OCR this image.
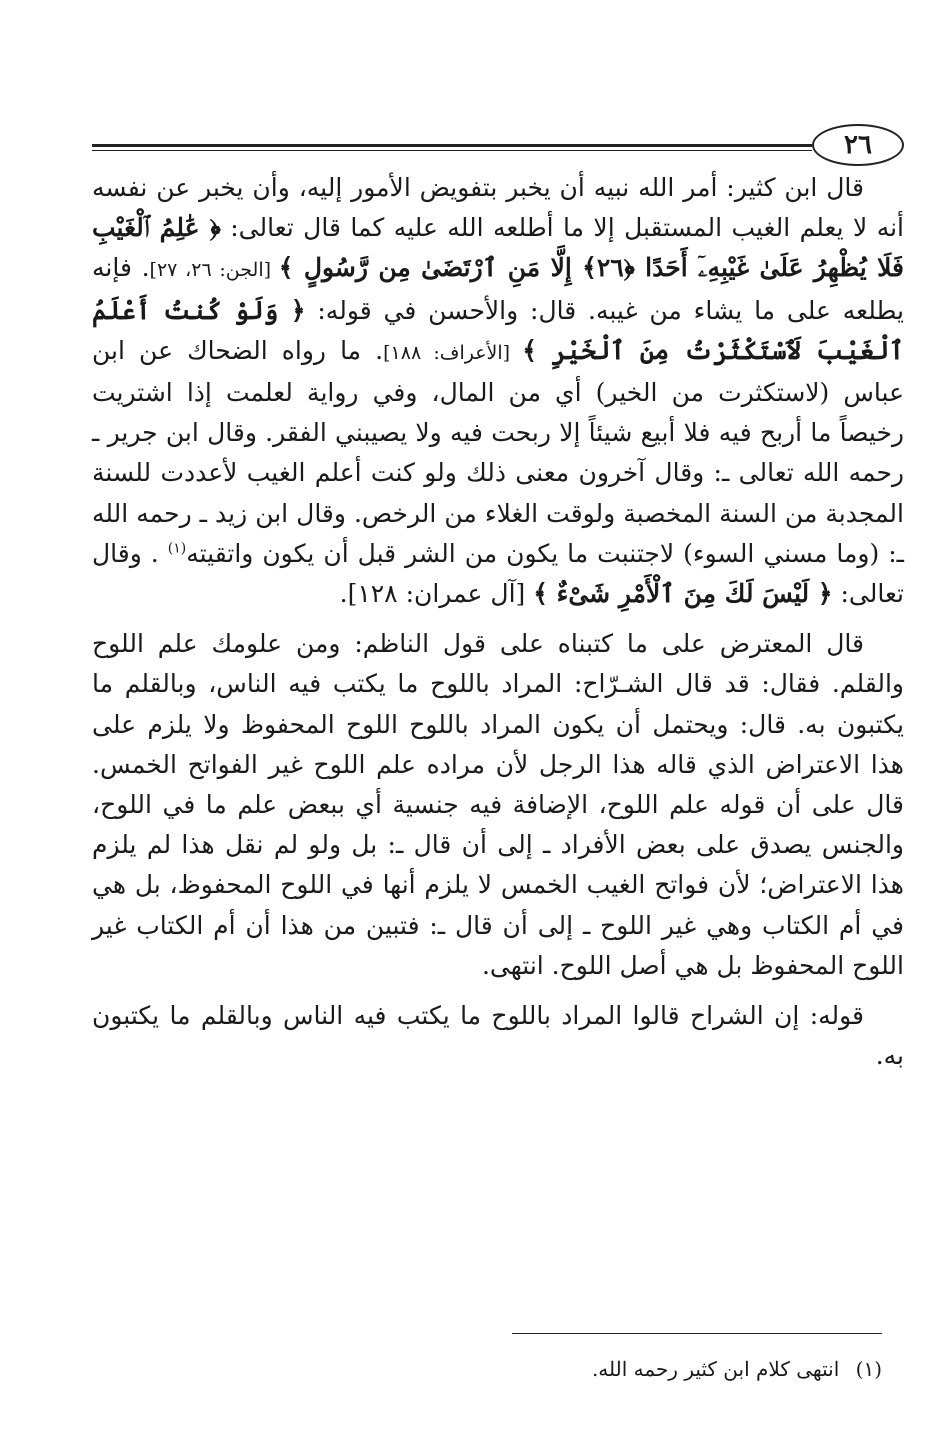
٢٦

قال ابن كثير: أمر الله نبيه أن يخبر بتفويض الأمور إليه، وأن يخبر عن نفسه أنه لا يعلم الغيب المستقبل إلا ما أطلعه الله عليه كما قال تعالى: ﴿ عَٰلِمُ ٱلْغَيْبِ فَلَا يُظْهِرُ عَلَىٰ غَيْبِهِۦٓ أَحَدًا ﴿٢٦﴾ إِلَّا مَنِ ٱرْتَضَىٰ مِن رَّسُولٍ ﴾ [الجن: ٢٦، ٢٧]. فإنه يطلعه على ما يشاء من غيبه. قال: والأحسن في قوله: ﴿ وَلَوْ كُنتُ أَعْلَمُ ٱلْغَيْبَ لَٱسْتَكْثَرْتُ مِنَ ٱلْخَيْرِ ﴾ [الأعراف: ١٨٨]. ما رواه الضحاك عن ابن عباس (لاستكثرت من الخير) أي من المال، وفي رواية لعلمت إذا اشتريت رخيصاً ما أربح فيه فلا أبيع شيئاً إلا ربحت فيه ولا يصيبني الفقر. وقال ابن جرير ـ رحمه الله تعالى ـ: وقال آخرون معنى ذلك ولو كنت أعلم الغيب لأعددت للسنة المجدبة من السنة المخصبة ولوقت الغلاء من الرخص. وقال ابن زيد ـ رحمه الله ـ: (وما مسني السوء) لاجتنبت ما يكون من الشر قبل أن يكون واتقيته$^{(١)}$ . وقال تعالى: ﴿ لَيْسَ لَكَ مِنَ ٱلْأَمْرِ شَىْءٌ ﴾ [آل عمران: ١٢٨].

قال المعترض على ما كتبناه على قول الناظم: ومن علومك علم اللوح والقلم. فقال: قد قال الشـرّاح: المراد باللوح ما يكتب فيه الناس، وبالقلم ما يكتبون به. قال: ويحتمل أن يكون المراد باللوح اللوح المحفوظ ولا يلزم على هذا الاعتراض الذي قاله هذا الرجل لأن مراده علم اللوح غير الفواتح الخمس. قال على أن قوله علم اللوح، الإضافة فيه جنسية أي ببعض علم ما في اللوح، والجنس يصدق على بعض الأفراد ـ إلى أن قال ـ: بل ولو لم نقل هذا لم يلزم هذا الاعتراض؛ لأن فواتح الغيب الخمس لا يلزم أنها في اللوح المحفوظ، بل هي في أم الكتاب وهي غير اللوح ـ إلى أن قال ـ: فتبين من هذا أن أم الكتاب غير اللوح المحفوظ بل هي أصل اللوح. انتهى.

قوله: إن الشراح قالوا المراد باللوح ما يكتب فيه الناس وبالقلم ما يكتبون به.

(١) انتهى كلام ابن كثير رحمه الله.
